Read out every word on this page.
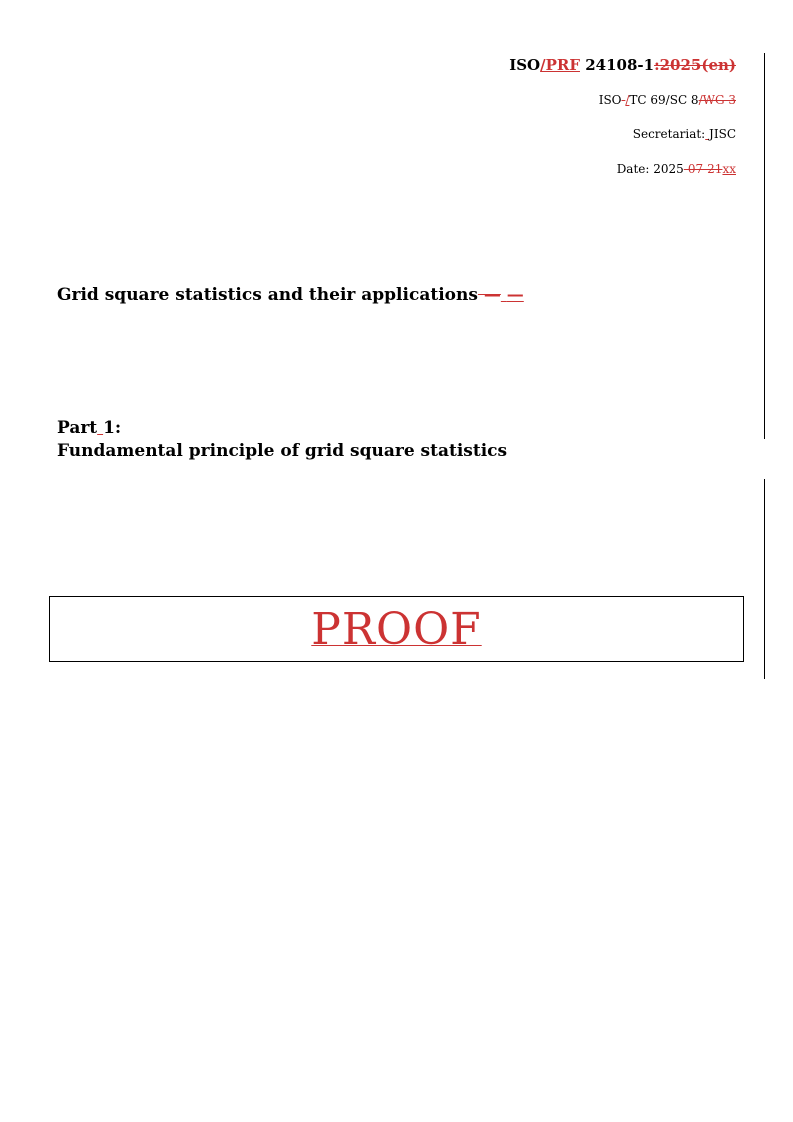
ISO/PRF 24108-1:2025(en)
ISO /TC 69/SC 8/WG 3
Secretariat: JISC
Date: 2025-07-21xx
Grid square statistics and their applications — —
Part 1:
Fundamental principle of grid square statistics
PROOF
